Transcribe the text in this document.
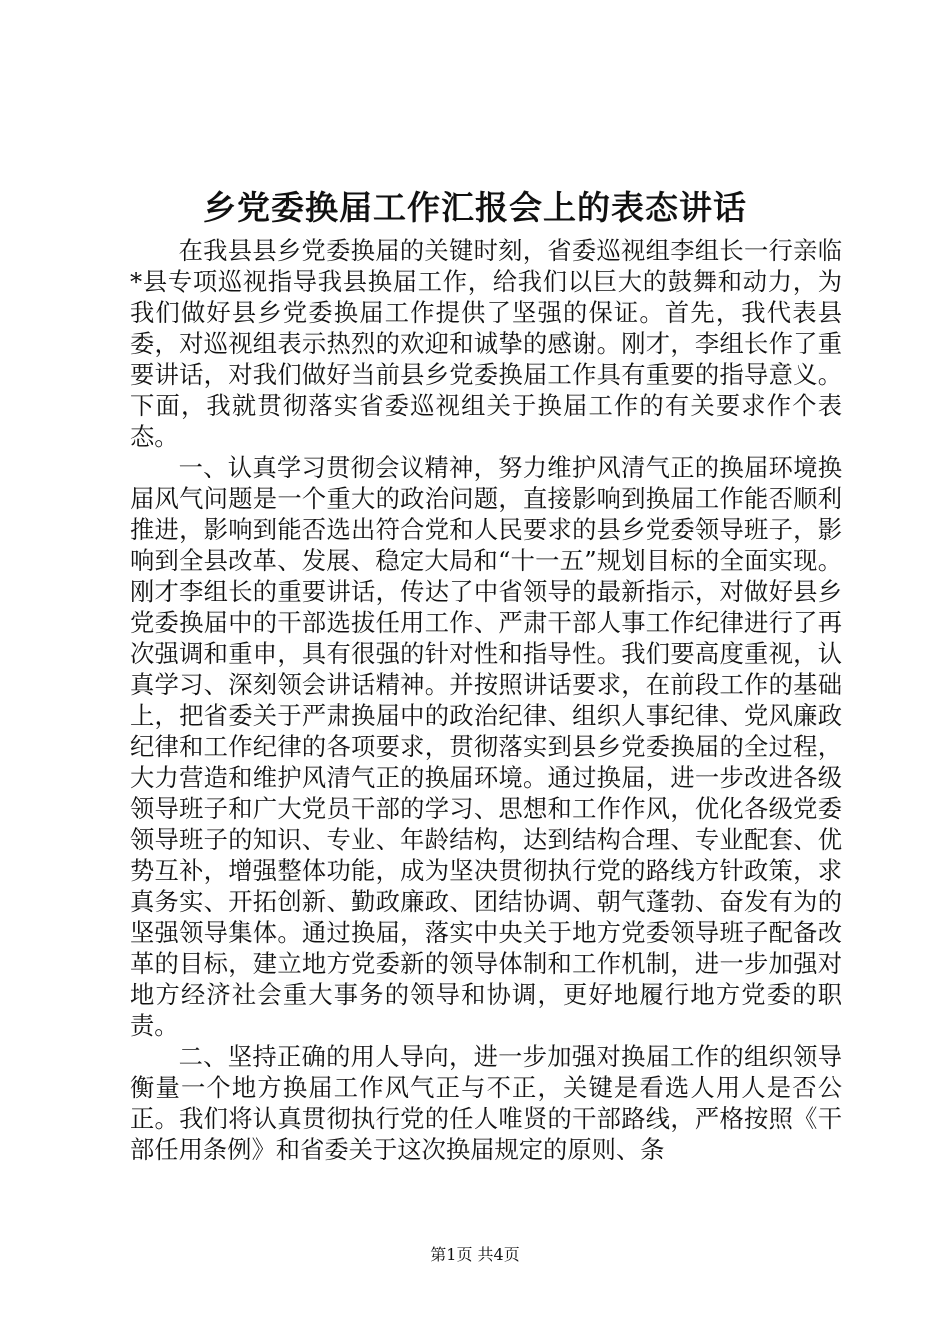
乡党委换届工作汇报会上的表态讲话

在我县县乡党委换届的关键时刻，省委巡视组李组长一行亲临*县专项巡视指导我县换届工作，给我们以巨大的鼓舞和动力，为我们做好县乡党委换届工作提供了坚强的保证。首先，我代表县委，对巡视组表示热烈的欢迎和诚挚的感谢。刚才，李组长作了重要讲话，对我们做好当前县乡党委换届工作具有重要的指导意义。下面，我就贯彻落实省委巡视组关于换届工作的有关要求作个表态。

一、认真学习贯彻会议精神，努力维护风清气正的换届环境换届风气问题是一个重大的政治问题，直接影响到换届工作能否顺利推进，影响到能否选出符合党和人民要求的县乡党委领导班子，影响到全县改革、发展、稳定大局和“十一五”规划目标的全面实现。刚才李组长的重要讲话，传达了中省领导的最新指示，对做好县乡党委换届中的干部选拔任用工作、严肃干部人事工作纪律进行了再次强调和重申，具有很强的针对性和指导性。我们要高度重视，认真学习、深刻领会讲话精神。并按照讲话要求，在前段工作的基础上，把省委关于严肃换届中的政治纪律、组织人事纪律、党风廉政纪律和工作纪律的各项要求，贯彻落实到县乡党委换届的全过程，大力营造和维护风清气正的换届环境。通过换届，进一步改进各级领导班子和广大党员干部的学习、思想和工作作风，优化各级党委领导班子的知识、专业、年龄结构，达到结构合理、专业配套、优势互补，增强整体功能，成为坚决贯彻执行党的路线方针政策，求真务实、开拓创新、勤政廉政、团结协调、朝气蓬勃、奋发有为的坚强领导集体。通过换届，落实中央关于地方党委领导班子配备改革的目标，建立地方党委新的领导体制和工作机制，进一步加强对地方经济社会重大事务的领导和协调，更好地履行地方党委的职责。

二、坚持正确的用人导向，进一步加强对换届工作的组织领导衡量一个地方换届工作风气正与不正，关键是看选人用人是否公正。我们将认真贯彻执行党的任人唯贤的干部路线，严格按照《干部任用条例》和省委关于这次换届规定的原则、条

第1页 共4页
